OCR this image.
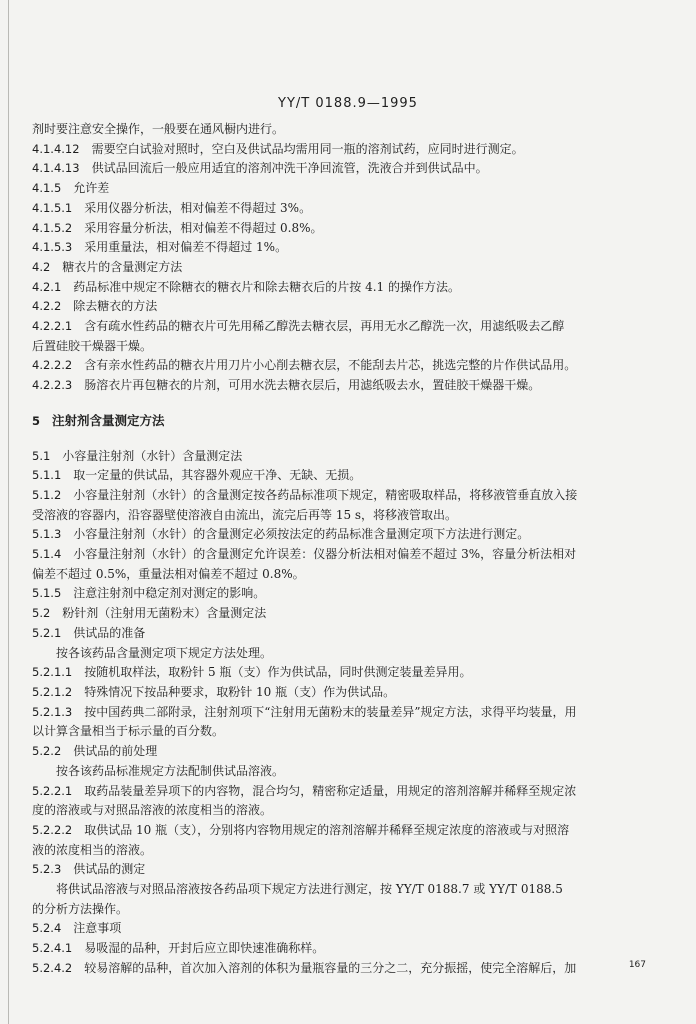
YY/T 0188.9—1995

剂时要注意安全操作，一般要在通风橱内进行。

4.1.4.12 需要空白试验对照时，空白及供试品均需用同一瓶的溶剂试药，应同时进行测定。

4.1.4.13 供试品回流后一般应用适宜的溶剂冲洗干净回流管，洗液合并到供试品中。

4.1.5 允许差

4.1.5.1 采用仪器分析法，相对偏差不得超过 3%。

4.1.5.2 采用容量分析法，相对偏差不得超过 0.8%。

4.1.5.3 采用重量法，相对偏差不得超过 1%。

4.2 糖衣片的含量测定方法

4.2.1 药品标准中规定不除糖衣的糖衣片和除去糖衣后的片按 4.1 的操作方法。

4.2.2 除去糖衣的方法

4.2.2.1 含有疏水性药品的糖衣片可先用稀乙醇洗去糖衣层，再用无水乙醇洗一次，用滤纸吸去乙醇

后置硅胶干燥器干燥。

4.2.2.2 含有亲水性药品的糖衣片用刀片小心削去糖衣层，不能刮去片芯，挑选完整的片作供试品用。

4.2.2.3 肠溶衣片再包糖衣的片剂，可用水洗去糖衣层后，用滤纸吸去水，置硅胶干燥器干燥。

5 注射剂含量测定方法

5.1 小容量注射剂（水针）含量测定法

5.1.1 取一定量的供试品，其容器外观应干净、无缺、无损。

5.1.2 小容量注射剂（水针）的含量测定按各药品标准项下规定，精密吸取样品，将移液管垂直放入接

受溶液的容器内，沿容器壁使溶液自由流出，流完后再等 15 s，将移液管取出。

5.1.3 小容量注射剂（水针）的含量测定必须按法定的药品标准含量测定项下方法进行测定。

5.1.4 小容量注射剂（水针）的含量测定允许误差：仪器分析法相对偏差不超过 3%，容量分析法相对

偏差不超过 0.5%，重量法相对偏差不超过 0.8%。

5.1.5 注意注射剂中稳定剂对测定的影响。

5.2 粉针剂（注射用无菌粉末）含量测定法

5.2.1 供试品的准备

按各该药品含量测定项下规定方法处理。

5.2.1.1 按随机取样法，取粉针 5 瓶（支）作为供试品，同时供测定装量差异用。

5.2.1.2 特殊情况下按品种要求，取粉针 10 瓶（支）作为供试品。

5.2.1.3 按中国药典二部附录，注射剂项下“注射用无菌粉末的装量差异”规定方法，求得平均装量，用

以计算含量相当于标示量的百分数。

5.2.2 供试品的前处理

按各该药品标准规定方法配制供试品溶液。

5.2.2.1 取药品装量差异项下的内容物，混合均匀，精密称定适量，用规定的溶剂溶解并稀释至规定浓

度的溶液或与对照品溶液的浓度相当的溶液。

5.2.2.2 取供试品 10 瓶（支），分别将内容物用规定的溶剂溶解并稀释至规定浓度的溶液或与对照溶

液的浓度相当的溶液。

5.2.3 供试品的测定

将供试品溶液与对照品溶液按各药品项下规定方法进行测定，按 YY/T 0188.7 或 YY/T 0188.5

的分析方法操作。

5.2.4 注意事项

5.2.4.1 易吸湿的品种，开封后应立即快速准确称样。

5.2.4.2 较易溶解的品种，首次加入溶剂的体积为量瓶容量的三分之二，充分振摇，使完全溶解后，加	167
